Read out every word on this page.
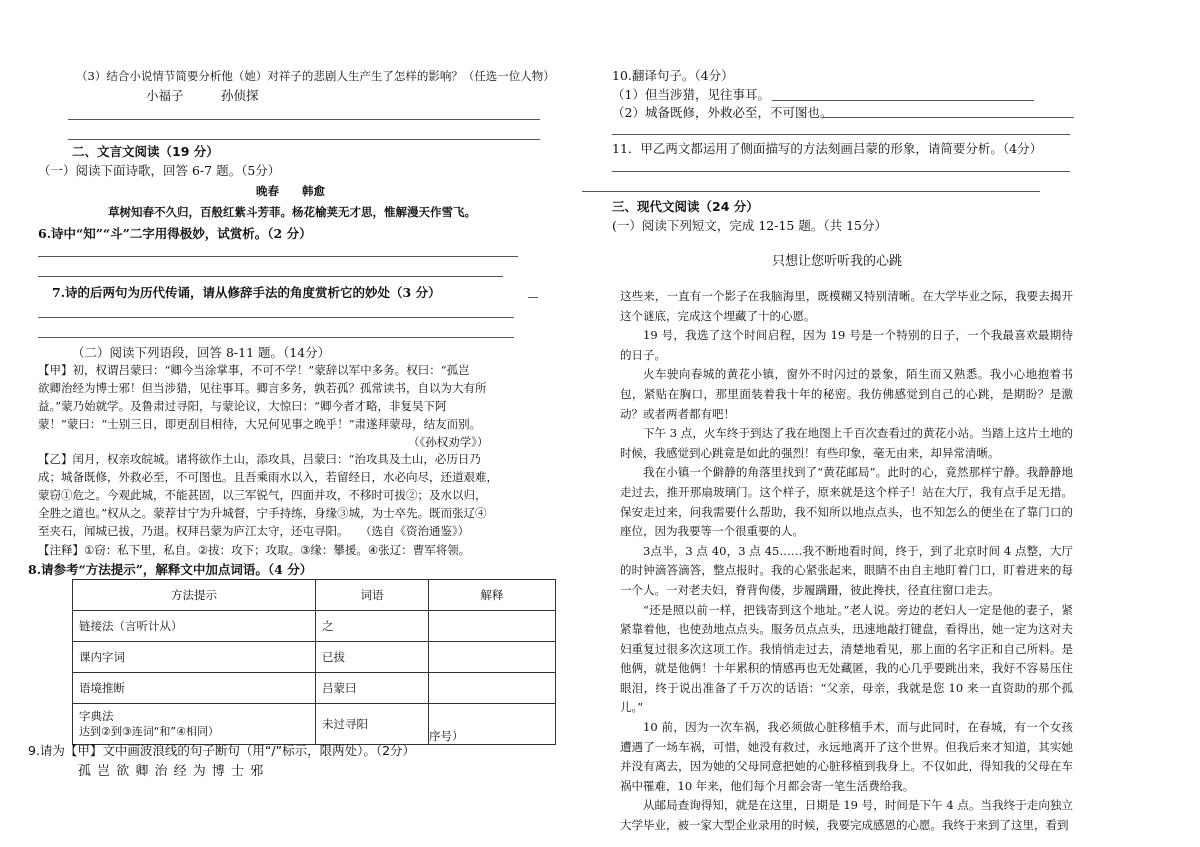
（3）结合小说情节简要分析他（她）对祥子的悲剧人生产生了怎样的影响？（任选一位人物）
小福子	孙侦探
二、文言文阅读（19 分）
（一）阅读下面诗歌，回答 6-7 题。（5分）
晚春　　韩愈
草树知春不久归，百般红紫斗芳菲。杨花榆荚无才思，惟解漫天作雪飞。
6.诗中“知”“斗”二字用得极妙，试赏析。（2 分）
7.诗的后两句为历代传诵，请从修辞手法的角度赏析它的妙处（3 分）
（二）阅读下列语段，回答 8-11 题。（14分）
【甲】初，权谓吕蒙曰：“卿今当涂掌事，不可不学！”蒙辞以军中多务。权曰：“孤岂
欲卿治经为博士邪！但当涉猎，见往事耳。卿言多务，孰若孤？孤常读书，自以为大有所
益。”蒙乃始就学。及鲁肃过寻阳，与蒙论议，大惊曰：“卿今者才略，非复吴下阿
蒙！”蒙曰：“士别三日，即更刮目相待，大兄何见事之晚乎！”肃遂拜蒙母，结友而别。
（《孙权劝学》）
【乙】闰月，权亲攻皖城。诸将欲作土山，添攻具，吕蒙曰：“治攻具及土山，必历日乃
成；城备既修，外救必至，不可图也。且吾乘雨水以入，若留经日，水必向尽，还道艰难，
蒙窃①危之。今观此城，不能甚固，以三军锐气，四面并攻，不移时可拔②；及水以归，
全胜之道也。”权从之。蒙荐甘宁为升城督，宁手持练，身缘③城，为士卒先。既而张辽④
至夹石，闻城已拔，乃退。权拜吕蒙为庐江太守，还屯寻阳。　　（选自《资治通鉴》）
【注释】①窃：私下里，私自。②拔：攻下；攻取。③缘：攀援。④张辽：曹军将领。
8.请参考“方法提示”，解释文中加点词语。（4 分）
方法提示	词语	解释
链接法（言听计从）	之	
课内字词	已拔	
语境推断	吕蒙曰	

字典法
达到②到③连词“和”④相同）	未过寻阳	序号）
9.请为【甲】文中画波浪线的句子断句（用“/”标示，限两处）。（2分）
孤 岂 欲 卿 治 经 为 博 士 邪
10.翻译句子。（4分）
（1）但当涉猎，见往事耳。
（2）城备既修，外救必至，不可图也。
11．甲乙两文都运用了侧面描写的方法刻画吕蒙的形象，请简要分析。（4分）
三、现代文阅读（24 分）
(一）阅读下列短文，完成 12-15 题。（共 15分）
只想让您听听我的心跳

这些来，一直有一个影子在我脑海里，既模糊又特别清晰。在大学毕业之际，我要去揭开这个谜底，完成这个埋藏了十的心愿。

19 号，我选了这个时间启程，因为 19 号是一个特别的日子，一个我最喜欢最期待的日子。

火车驶向春城的黄花小镇，窗外不时闪过的景象，陌生而又熟悉。我小心地抱着书包，紧贴在胸口，那里面装着我十年的秘密。我仿佛感觉到自己的心跳，是期盼？是激动？或者两者都有吧！

下午 3 点，火车终于到达了我在地图上千百次查看过的黄花小站。当踏上这片土地的时候，我感觉到心跳竟是如此的强烈！有些印象，毫无由来，却异常清晰。

我在小镇一个僻静的角落里找到了“黄花邮局”。此时的心，竟然那样宁静。我静静地走过去，推开那扇玻璃门。这个样子，原来就是这个样子！站在大厅，我有点手足无措。保安走过来，问我需要什么帮助，我不知所以地点点头，也不知怎么的便坐在了靠门口的座位，因为我要等一个很重要的人。

3点半，3 点 40，3 点 45……我不断地看时间，终于，到了北京时间 4 点整，大厅的时钟滴答滴答，整点报时。我的心紧张起来，眼睛不由自主地盯着门口，盯着进来的每一个人。一对老夫妇，脊背佝偻，步履蹒跚，彼此搀扶，径直往窗口走去。

“还是照以前一样，把钱寄到这个地址。”老人说。旁边的老妇人一定是他的妻子，紧紧靠着他，也使劲地点点头。服务员点点头，迅速地敲打键盘，看得出，她一定为这对夫妇重复过很多次这项工作。我悄悄走过去，清楚地看见，那上面的名字正和自己所料。是他俩，就是他俩！十年累积的情感再也无处藏匿，我的心几乎要跳出来，我好不容易压住眼泪，终于说出准备了千万次的话语：“父亲，母亲，我就是您 10 来一直资助的那个孤儿。”

10 前，因为一次车祸，我必须做心脏移植手术，而与此同时，在春城，有一个女孩遭遇了一场车祸，可惜，她没有救过，永远地离开了这个世界。但我后来才知道，其实她并没有离去，因为她的父母同意把她的心脏移植到我身上。不仅如此，得知我的父母在车祸中罹难，10 年来，他们每个月都会寄一笔生活费给我。

从邮局查询得知，就是在这里，日期是 19 号，时间是下午 4 点。当我终于走向独立大学毕业，被一家大型企业录用的时候，我要完成感恩的心愿。我终于来到了这里，看到
